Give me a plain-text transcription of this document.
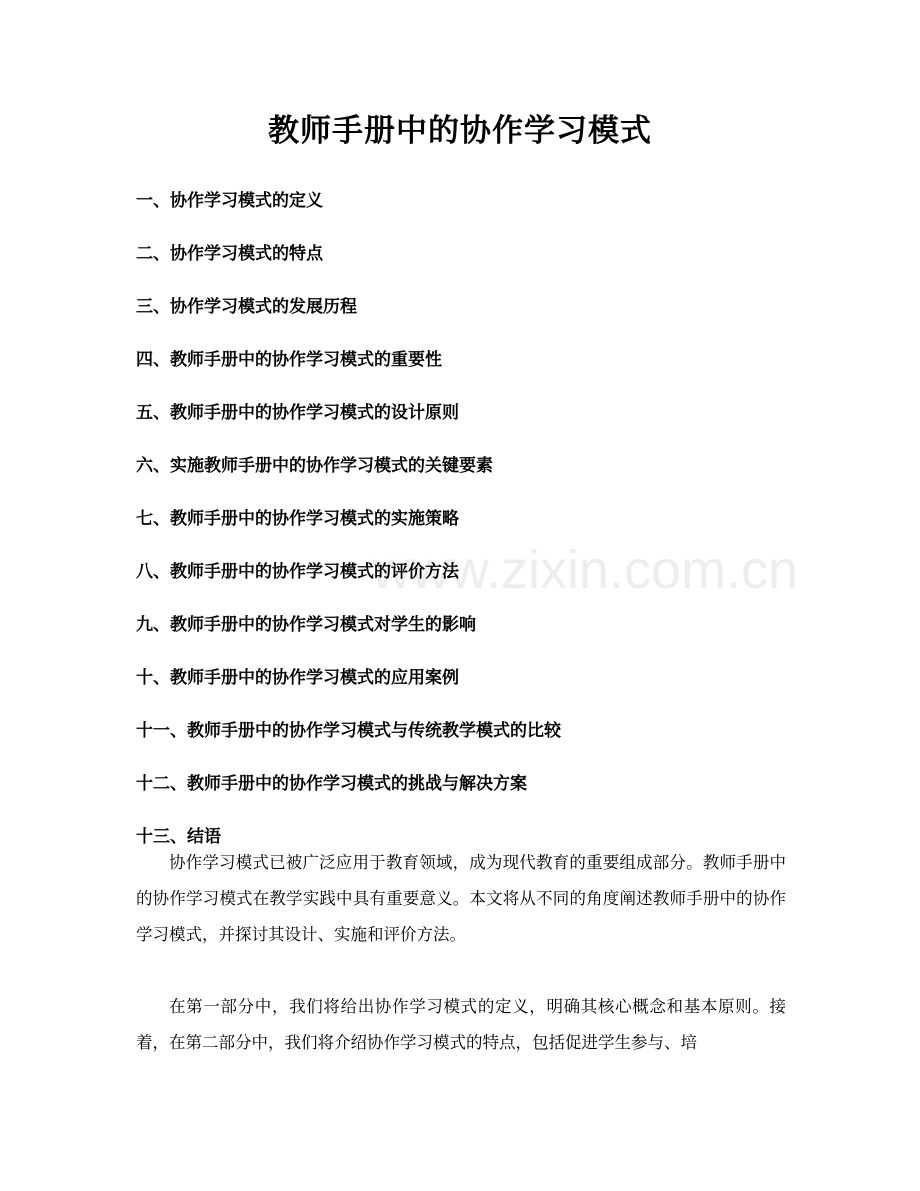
www.zixin.com.cn
教师手册中的协作学习模式
一、协作学习模式的定义
二、协作学习模式的特点
三、协作学习模式的发展历程
四、教师手册中的协作学习模式的重要性
五、教师手册中的协作学习模式的设计原则
六、实施教师手册中的协作学习模式的关键要素
七、教师手册中的协作学习模式的实施策略
八、教师手册中的协作学习模式的评价方法
九、教师手册中的协作学习模式对学生的影响
十、教师手册中的协作学习模式的应用案例
十一、教师手册中的协作学习模式与传统教学模式的比较
十二、教师手册中的协作学习模式的挑战与解决方案
十三、结语

协作学习模式已被广泛应用于教育领域，成为现代教育的重要组成部分。教师手册中的协作学习模式在教学实践中具有重要意义。本文将从不同的角度阐述教师手册中的协作学习模式，并探讨其设计、实施和评价方法。

在第一部分中，我们将给出协作学习模式的定义，明确其核心概念和基本原则。接着，在第二部分中，我们将介绍协作学习模式的特点，包括促进学生参与、培
